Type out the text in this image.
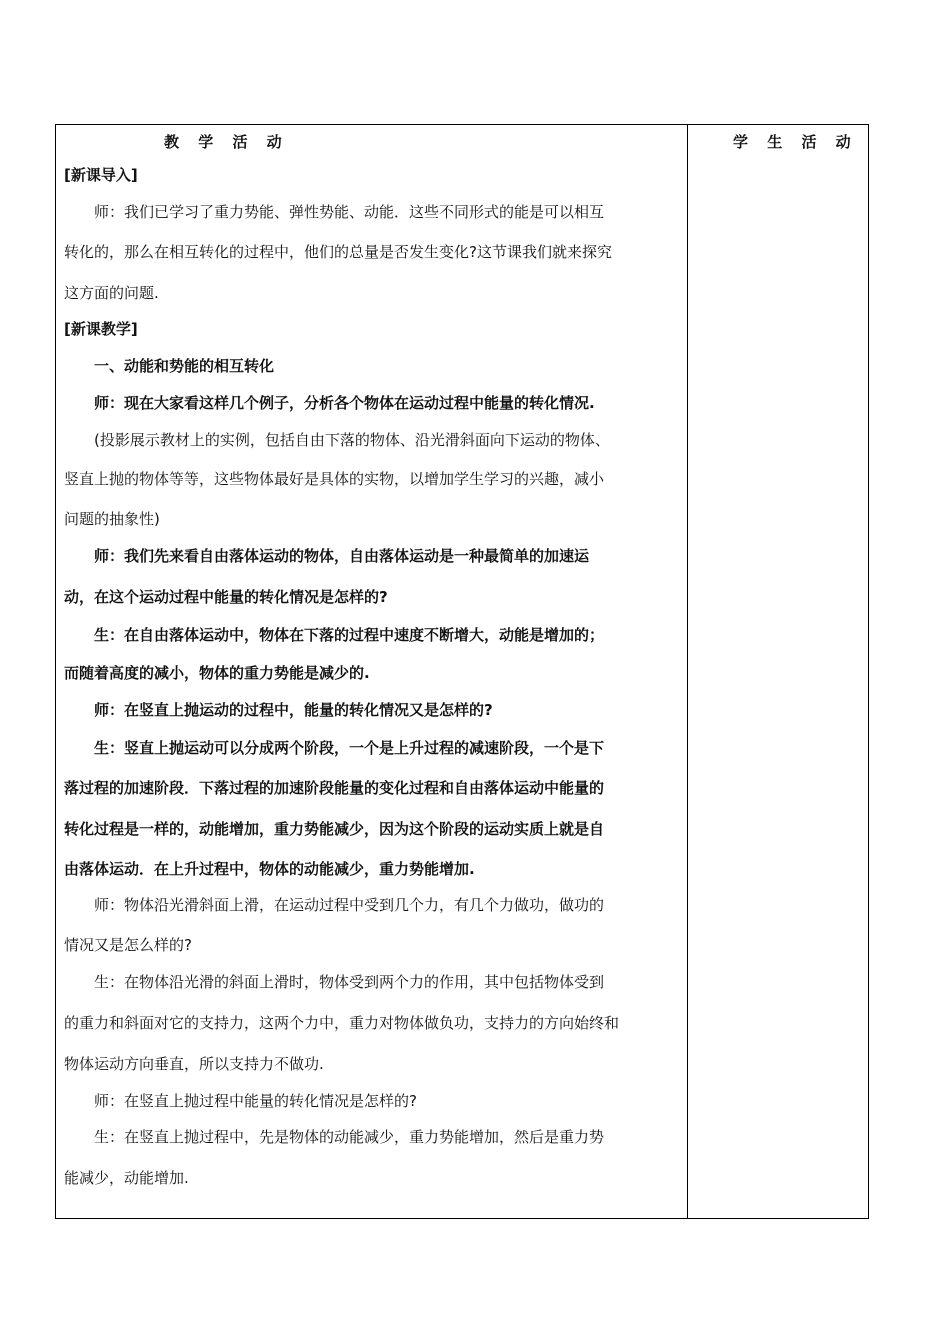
教 学 活 动
[新课导入]
师：我们已学习了重力势能、弹性势能、动能．这些不同形式的能是可以相互
转化的，那么在相互转化的过程中，他们的总量是否发生变化?这节课我们就来探究
这方面的问题.
[新课教学]
一、动能和势能的相互转化
师：现在大家看这样几个例子，分析各个物体在运动过程中能量的转化情况.
(投影展示教材上的实例，包括自由下落的物体、沿光滑斜面向下运动的物体、
竖直上抛的物体等等，这些物体最好是具体的实物，以增加学生学习的兴趣，减小
问题的抽象性)
师：我们先来看自由落体运动的物体，自由落体运动是一种最简单的加速运
动，在这个运动过程中能量的转化情况是怎样的?
生：在自由落体运动中，物体在下落的过程中速度不断增大，动能是增加的；
而随着高度的减小，物体的重力势能是减少的.
师：在竖直上抛运动的过程中，能量的转化情况又是怎样的?
生：竖直上抛运动可以分成两个阶段，一个是上升过程的减速阶段，一个是下
落过程的加速阶段．下落过程的加速阶段能量的变化过程和自由落体运动中能量的
转化过程是一样的，动能增加，重力势能减少，因为这个阶段的运动实质上就是自
由落体运动．在上升过程中，物体的动能减少，重力势能增加.
师：物体沿光滑斜面上滑，在运动过程中受到几个力，有几个力做功，做功的
情况又是怎么样的?
生：在物体沿光滑的斜面上滑时，物体受到两个力的作用，其中包括物体受到
的重力和斜面对它的支持力，这两个力中，重力对物体做负功，支持力的方向始终和
物体运动方向垂直，所以支持力不做功.
师：在竖直上抛过程中能量的转化情况是怎样的?
生：在竖直上抛过程中，先是物体的动能减少，重力势能增加，然后是重力势
能减少，动能增加.
学 生 活 动
